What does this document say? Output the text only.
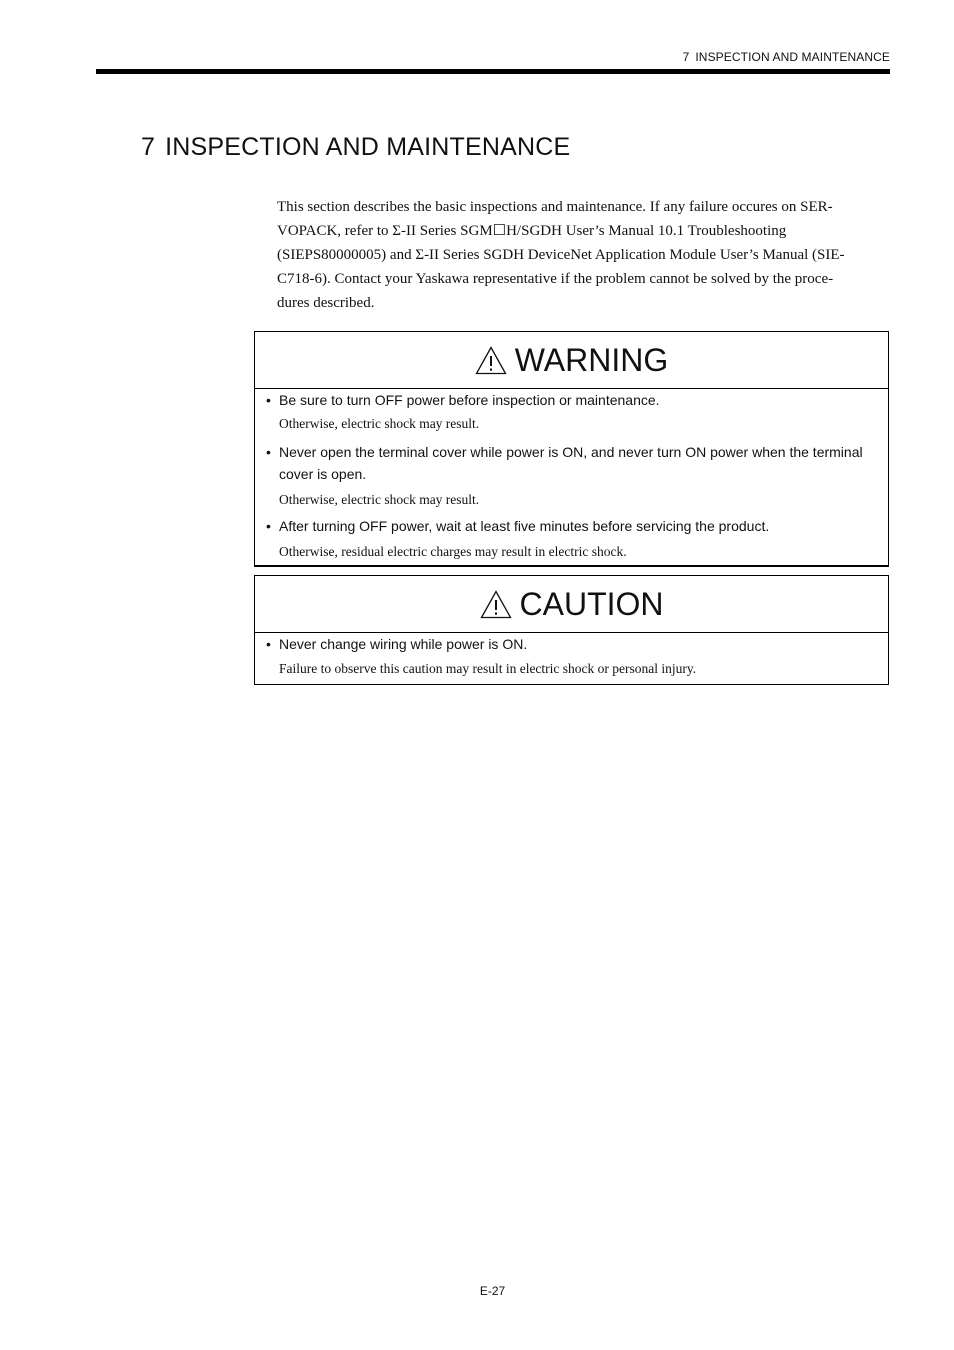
7 INSPECTION AND MAINTENANCE
7 INSPECTION AND MAINTENANCE

This section describes the basic inspections and maintenance. If any failure occures on SER-
VOPACK, refer to Σ-II Series SGM☐H/SGDH User’s Manual 10.1 Troubleshooting
(SIEPS80000005) and Σ-II Series SGDH DeviceNet Application Module User’s Manual (SIE-
C718-6). Contact your Yaskawa representative if the problem cannot be solved by the proce-
dures described.

WARNING
• Be sure to turn OFF power before inspection or maintenance.
Otherwise, electric shock may result.
• Never open the terminal cover while power is ON, and never turn ON power when the terminal
cover is open.
Otherwise, electric shock may result.
• After turning OFF power, wait at least five minutes before servicing the product.
Otherwise, residual electric charges may result in electric shock.
CAUTION
• Never change wiring while power is ON.
Failure to observe this caution may result in electric shock or personal injury.
E-27
